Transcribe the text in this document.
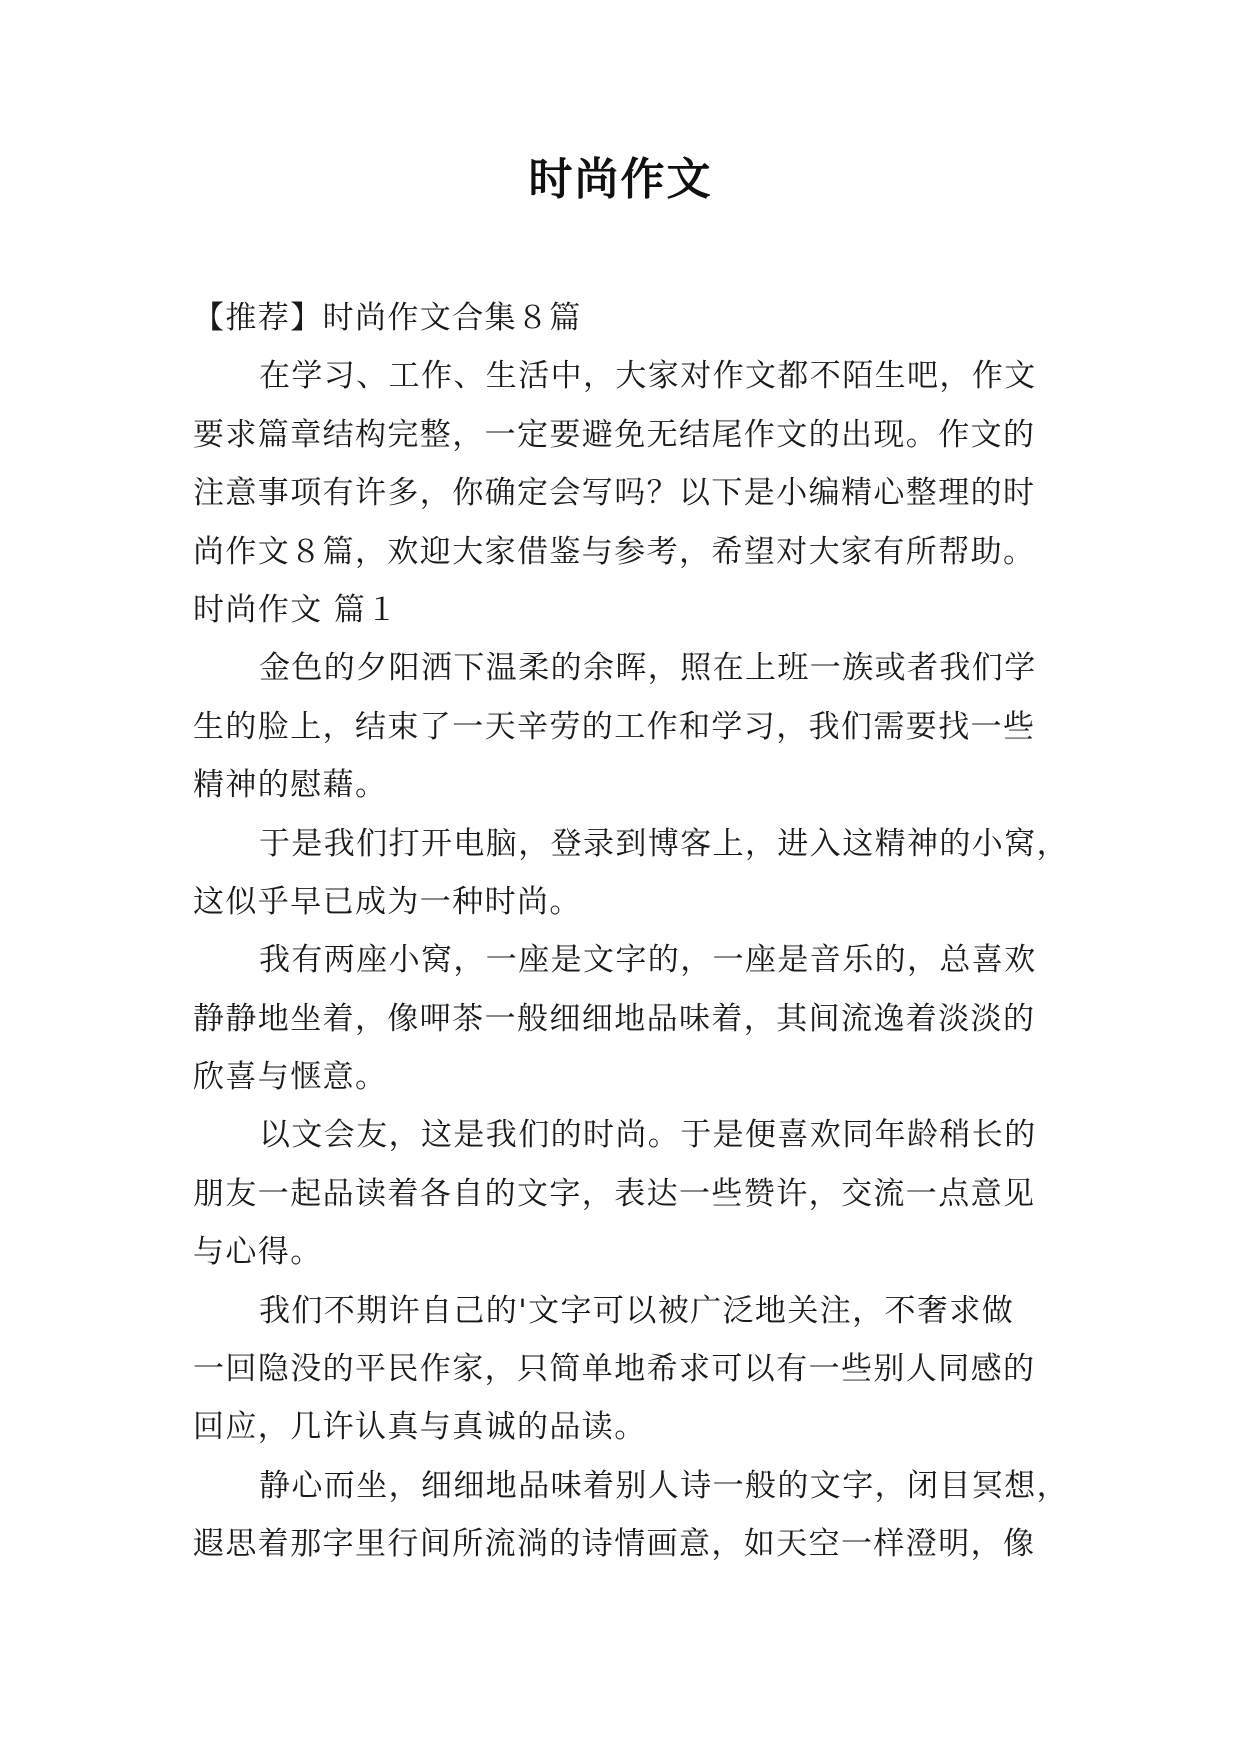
时尚作文
【推荐】时尚作文合集８篇
在学习、工作、生活中，大家对作文都不陌生吧，作文
要求篇章结构完整，一定要避免无结尾作文的出现。作文的
注意事项有许多，你确定会写吗？以下是小编精心整理的时
尚作文８篇，欢迎大家借鉴与参考，希望对大家有所帮助。
时尚作文 篇１
金色的夕阳洒下温柔的余晖，照在上班一族或者我们学
生的脸上，结束了一天辛劳的工作和学习，我们需要找一些
精神的慰藉。
于是我们打开电脑，登录到博客上，进入这精神的小窝，
这似乎早已成为一种时尚。
我有两座小窝，一座是文字的，一座是音乐的，总喜欢
静静地坐着，像呷茶一般细细地品味着，其间流逸着淡淡的
欣喜与惬意。
以文会友，这是我们的时尚。于是便喜欢同年龄稍长的
朋友一起品读着各自的文字，表达一些赞许，交流一点意见
与心得。
我们不期许自己的'文字可以被广泛地关注，不奢求做
一回隐没的平民作家，只简单地希求可以有一些别人同感的
回应，几许认真与真诚的品读。
静心而坐，细细地品味着别人诗一般的文字，闭目冥想，
遐思着那字里行间所流淌的诗情画意，如天空一样澄明，像
